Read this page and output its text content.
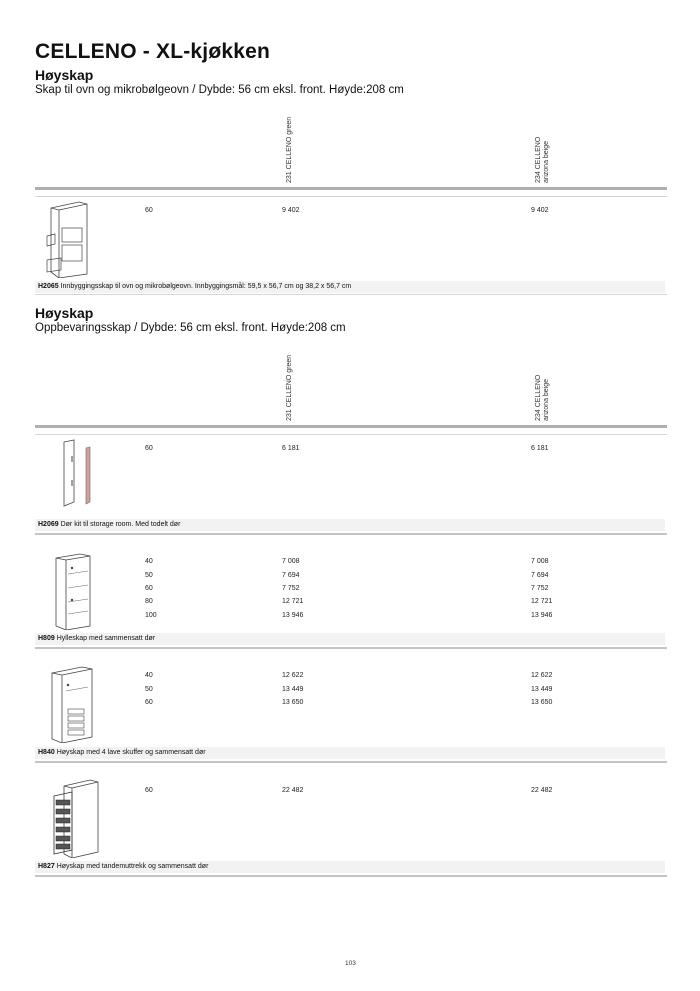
CELLENO - XL-kjøkken
Høyskap
Skap til ovn og mikrobølgeovn / Dybde: 56 cm eksl. front. Høyde:208 cm
231 CELLENO green	234 CELLENO arizona beige
60	9 402	9 402
H2065 Innbyggingsskap til ovn og mikrobølgeovn. Innbyggingsmål: 59,5 x 56,7 cm og 38,2 x 56,7 cm
Høyskap
Oppbevaringsskap / Dybde: 56 cm eksl. front. Høyde:208 cm
231 CELLENO green	234 CELLENO arizona beige
60	6 181	6 181
H2069 Dør kit til storage room. Med todelt dør
40	7 008	7 008
50	7 694	7 694
60	7 752	7 752
80	12 721	12 721
100	13 946	13 946
H809 Hylleskap med sammensatt dør
40	12 622	12 622
50	13 449	13 449
60	13 650	13 650
H840 Høyskap med 4 lave skuffer og sammensatt dør
60	22 482	22 482
H827 Høyskap med tandemuttrekk og sammensatt dør
103
